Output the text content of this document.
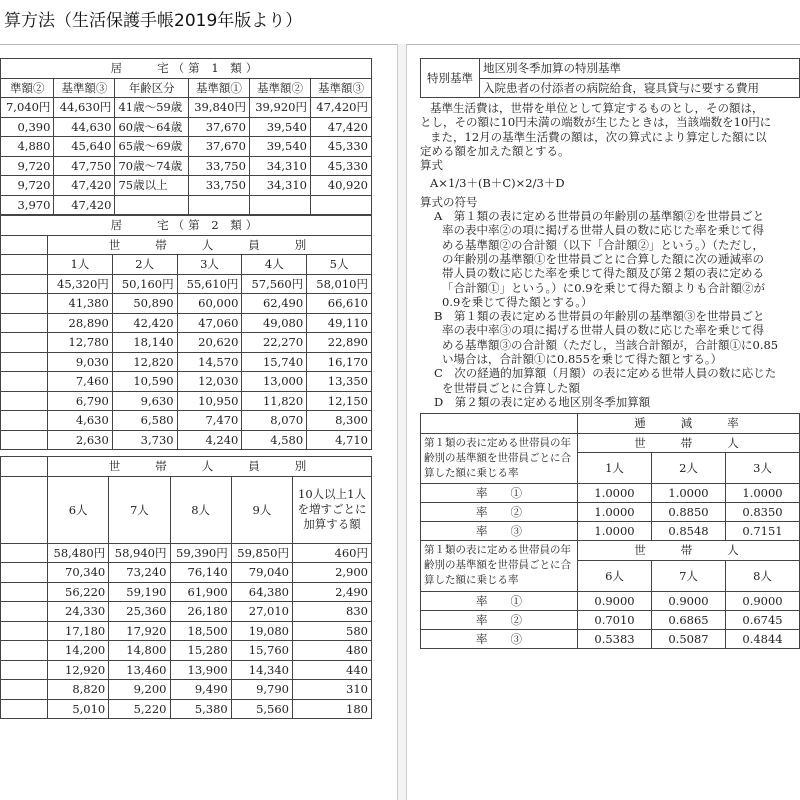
算方法（生活保護手帳2019年版より）
居　　宅（第 1 類）					
準額②	基準額③	年齢区分	基準額①	基準額②	基準額③
7,040円	44,630円	41歳～59歳	39,840円	39,920円	47,420円
0,390	44,630	60歳～64歳	37,670	39,540	47,420
4,880	45,640	65歳～69歳	37,670	39,540	45,330
9,720	47,750	70歳～74歳	33,750	34,310	45,330
9,720	47,420	75歳以上	33,750	34,310	40,920
3,970	47,420				
居　　宅（第 2 類）					
	世　　帯　　人　　員　　別				
	1人	2人	3人	4人	5人
	45,320円	50,160円	55,610円	57,560円	58,010円
	41,380	50,890	60,000	62,490	66,610
	28,890	42,420	47,060	49,080	49,110
	12,780	18,140	20,620	22,270	22,890
	9,030	12,820	14,570	15,740	16,170
	7,460	10,590	12,030	13,000	13,350
	6,790	9,630	10,950	11,820	12,150
	4,630	6,580	7,470	8,070	8,300
	2,630	3,730	4,240	4,580	4,710
	世　　帯　　人　　員　　別				
	6人	7人	8人	9人	10人以上1人を増すごとに加算する額
	58,480円	58,940円	59,390円	59,850円	460円
	70,340	73,240	76,140	79,040	2,900
	56,220	59,190	61,900	64,380	2,490
	24,330	25,360	26,180	27,010	830
	17,180	17,920	18,500	19,080	580
	14,200	14,800	15,280	15,760	480
	12,920	13,460	13,900	14,340	440
	8,820	9,200	9,490	9,790	310
	5,010	5,220	5,380	5,560	180
特別基準	地区別冬季加算の特別基準
入院患者の付添者の病院給食，寝具貸与に要する費用

基準生活費は，世帯を単位として算定するものとし，その額は，

とし，その額に10円未満の端数が生じたときは，当該端数を10円に

また，12月の基準生活費の額は，次の算式により算定した額に以

定める額を加えた額とする。

算式

A×1/3＋(B＋C)×2/3＋D

算式の符号

A　第１類の表に定める世帯員の年齢別の基準額②を世帯員ごと

率の表中率②の項に掲げる世帯人員の数に応じた率を乗じて得

める基準額②の合計額（以下「合計額②」という。）（ただし，

の年齢別の基準額①を世帯員ごとに合算した額に次の逓減率の

帯人員の数に応じた率を乗じて得た額及び第２類の表に定める

「合計額①」という。）に0.9を乗じて得た額よりも合計額②が

0.9を乗じて得た額とする。）

B　第１類の表に定める世帯員の年齢別の基準額③を世帯員ごと

率の表中率③の項に掲げる世帯人員の数に応じた率を乗じて得

める基準額③の合計額（ただし，当該合計額が，合計額①に0.85

い場合は，合計額①に0.855を乗じて得た額とする。）

C　次の経過的加算額（月額）の表に定める世帯人員の数に応じた

を世帯員ごとに合算した額

D　第２類の表に定める地区別冬季加算額

	逓　　減　　率		
第１類の表に定める世帯員の年齢別の基準額を世帯員ごとに合算した額に乗じる率	世　　帯　　人		
	1人	2人	3人
率　　①	1.0000	1.0000	1.0000
率　　②	1.0000	0.8850	0.8350
率　　③	1.0000	0.8548	0.7151
第１類の表に定める世帯員の年齢別の基準額を世帯員ごとに合算した額に乗じる率	世　　帯　　人		
	6人	7人	8人
率　　①	0.9000	0.9000	0.9000
率　　②	0.7010	0.6865	0.6745
率　　③	0.5383	0.5087	0.4844
